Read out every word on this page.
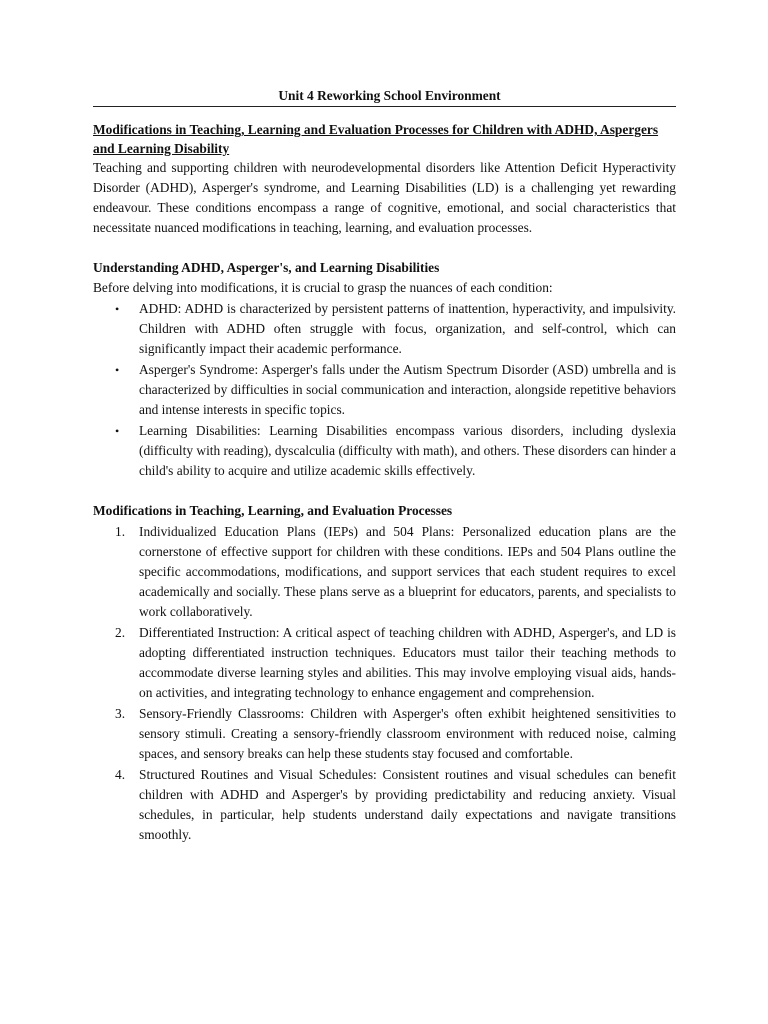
Unit 4 Reworking School Environment
Modifications in Teaching, Learning and Evaluation Processes for Children with ADHD, Aspergers and Learning Disability

Teaching and supporting children with neurodevelopmental disorders like Attention Deficit Hyperactivity Disorder (ADHD), Asperger's syndrome, and Learning Disabilities (LD) is a challenging yet rewarding endeavour. These conditions encompass a range of cognitive, emotional, and social characteristics that necessitate nuanced modifications in teaching, learning, and evaluation processes.

Understanding ADHD, Asperger's, and Learning Disabilities

Before delving into modifications, it is crucial to grasp the nuances of each condition:

• ADHD: ADHD is characterized by persistent patterns of inattention, hyperactivity, and impulsivity. Children with ADHD often struggle with focus, organization, and self-control, which can significantly impact their academic performance.
• Asperger's Syndrome: Asperger's falls under the Autism Spectrum Disorder (ASD) umbrella and is characterized by difficulties in social communication and interaction, alongside repetitive behaviors and intense interests in specific topics.
• Learning Disabilities: Learning Disabilities encompass various disorders, including dyslexia (difficulty with reading), dyscalculia (difficulty with math), and others. These disorders can hinder a child's ability to acquire and utilize academic skills effectively.
Modifications in Teaching, Learning, and Evaluation Processes
1. Individualized Education Plans (IEPs) and 504 Plans: Personalized education plans are the cornerstone of effective support for children with these conditions. IEPs and 504 Plans outline the specific accommodations, modifications, and support services that each student requires to excel academically and socially. These plans serve as a blueprint for educators, parents, and specialists to work collaboratively.
2. Differentiated Instruction: A critical aspect of teaching children with ADHD, Asperger's, and LD is adopting differentiated instruction techniques. Educators must tailor their teaching methods to accommodate diverse learning styles and abilities. This may involve employing visual aids, hands-on activities, and integrating technology to enhance engagement and comprehension.
3. Sensory-Friendly Classrooms: Children with Asperger's often exhibit heightened sensitivities to sensory stimuli. Creating a sensory-friendly classroom environment with reduced noise, calming spaces, and sensory breaks can help these students stay focused and comfortable.
4. Structured Routines and Visual Schedules: Consistent routines and visual schedules can benefit children with ADHD and Asperger's by providing predictability and reducing anxiety. Visual schedules, in particular, help students understand daily expectations and navigate transitions smoothly.
